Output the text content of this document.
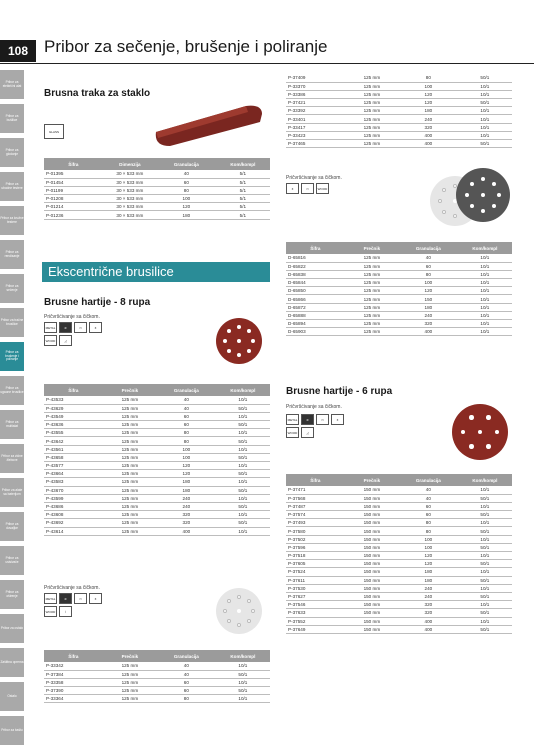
108 Pribor za sečenje, brušenje i poliranje
Pribor za električni alat
Pribor za bušilice
Pribor za glodanje
Pribor za ubodne testere
Pribor za kružne testere
Pribor za rendisanje
Pribor za sečenje
Pribor za tračne brusilice
Pribor za brušenje i poliranje
Pribor za ugaone brusilice
Pribor za multialat
Pribor za zidne žlebove
Pribor za alate sa baterijom
Pribor za duvaljke
Pribor za usisivače
Pribor za oštrenje
Pribor za ostalo
Zaštitna oprema
Ostalo
Pribor za baštu
Brusna traka za staklo
GLASS
Šifra	Dimenzija	Granulacija	Kom/kompl
P-01395	30 × 533 mm	40	5/1
P-01454	30 × 533 mm	60	5/1
P-01199	30 × 533 mm	80	5/1
P-01208	30 × 533 mm	100	5/1
P-01214	30 × 533 mm	120	5/1
P-01236	30 × 533 mm	180	5/1
Ekscentrične brusilice
Brusne hartije - 8 rupa
Pričvršćivanje sa čičkom.
METAL	≋	▭	✶
WOOD	◿
Šifra	Prečnik	Granulacija	Kom/kompl
P-43533	125 mm	40	10/1
P-43629	125 mm	40	50/1
P-43549	125 mm	60	10/1
P-43636	125 mm	60	50/1
P-43555	125 mm	80	10/1
P-43642	125 mm	80	50/1
P-43561	125 mm	100	10/1
P-43658	125 mm	100	50/1
P-43577	125 mm	120	10/1
P-43664	125 mm	120	50/1
P-43583	125 mm	180	10/1
P-43670	125 mm	180	50/1
P-43599	125 mm	240	10/1
P-43686	125 mm	240	50/1
P-43608	125 mm	320	10/1
P-43692	125 mm	320	50/1
P-43614	125 mm	400	10/1
Pričvršćivanje sa čičkom.
METAL	≋	▭	✶
WOOD	⌇
Šifra	Prečnik	Granulacija	Kom/kompl
P-33342	125 mm	40	10/1
P-37384	125 mm	40	50/1
P-33358	125 mm	60	10/1
P-37390	125 mm	60	50/1
P-33364	125 mm	80	10/1
P-37409	125 mm	80	50/1
P-33370	125 mm	100	10/1
P-33386	125 mm	120	10/1
P-37421	125 mm	120	50/1
P-33392	125 mm	180	10/1
P-33401	125 mm	240	10/1
P-33417	125 mm	320	10/1
P-33423	125 mm	400	10/1
P-37465	125 mm	400	50/1
Pričvršćivanje sa čičkom.
✶	▭	WOOD
Šifra	Prečnik	Granulacija	Kom/kompl
D-65816	125 mm	40	10/1
D-65822	125 mm	60	10/1
D-65838	125 mm	80	10/1
D-65844	125 mm	100	10/1
D-65850	125 mm	120	10/1
D-65866	125 mm	150	10/1
D-65872	125 mm	180	10/1
D-65888	125 mm	240	10/1
D-65894	125 mm	320	10/1
D-65903	125 mm	400	10/1
Brusne hartije - 6 rupa
Pričvršćivanje sa čičkom.
METAL	≋	▭	✶
WOOD	◿
Šifra	Prečnik	Granulacija	Kom/kompl
P-37471	150 mm	40	10/1
P-37568	150 mm	40	50/1
P-37487	150 mm	60	10/1
P-37574	150 mm	60	50/1
P-37493	150 mm	80	10/1
P-37580	150 mm	80	50/1
P-37502	150 mm	100	10/1
P-37596	150 mm	100	50/1
P-37518	150 mm	120	10/1
P-37605	150 mm	120	50/1
P-37524	150 mm	180	10/1
P-37611	150 mm	180	50/1
P-37530	150 mm	240	10/1
P-37627	150 mm	240	50/1
P-37546	150 mm	320	10/1
P-37633	150 mm	320	50/1
P-37552	150 mm	400	10/1
P-37649	150 mm	400	50/1
